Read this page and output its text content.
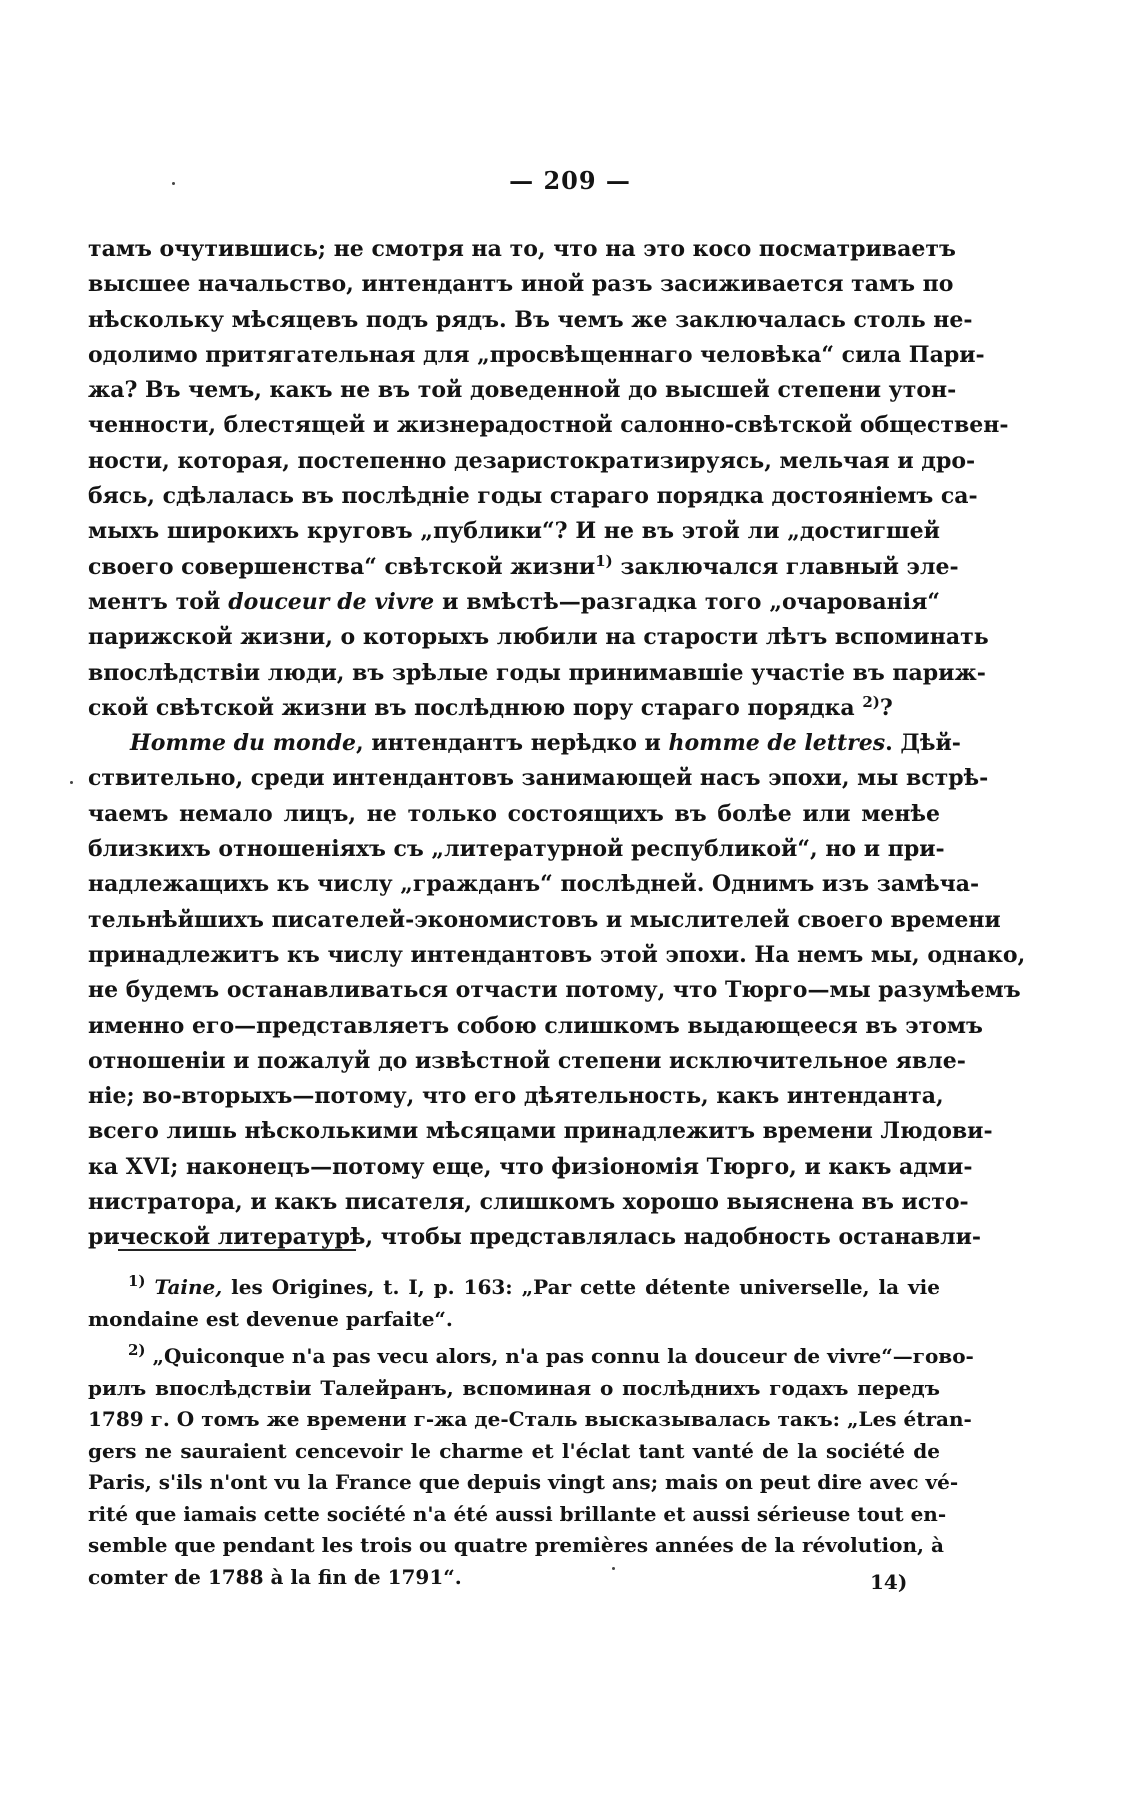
— 209 —

тамъ очутившись; не смотря на то, что на это косо посматриваетъ
высшее начальство, интендантъ иной разъ засиживается тамъ по
нѣскольку мѣсяцевъ подъ рядъ. Въ чемъ же заключалась столь не-
одолимо притягательная для „просвѣщеннаго человѣка“ сила Пари-
жа? Въ чемъ, какъ не въ той доведенной до высшей степени утон-
ченности, блестящей и жизнерадостной салонно-свѣтской обществен-
ности, которая, постепенно дезаристократизируясь, мельчая и дро-
бясь, сдѣлалась въ послѣдніе годы стараго порядка достояніемъ са-
мыхъ широкихъ круговъ „публики“? И не въ этой ли „достигшей
своего совершенства“ свѣтской жизни$^{1)}$ заключался главный эле-
ментъ той douceur de vivre и вмѣстѣ—разгадка того „очарованія“
парижской жизни, о которыхъ любили на старости лѣтъ вспоминать
впослѣдствіи люди, въ зрѣлые годы принимавшіе участіе въ париж-
ской свѣтской жизни въ послѣднюю пору стараго порядка $^{2)}$?

Homme du monde, интендантъ нерѣдко и homme de lettres. Дѣй-

ствительно, среди интендантовъ занимающей насъ эпохи, мы встрѣ-
чаемъ немало лицъ, не только состоящихъ въ болѣе или менѣе
близкихъ отношеніяхъ съ „литературной республикой“, но и при-
надлежащихъ къ числу „гражданъ“ послѣдней. Однимъ изъ замѣча-
тельнѣйшихъ писателей-экономистовъ и мыслителей своего времени
принадлежитъ къ числу интендантовъ этой эпохи. На немъ мы, однако,
не будемъ останавливаться отчасти потому, что Тюрго—мы разумѣемъ
именно его—представляетъ собою слишкомъ выдающееся въ этомъ
отношеніи и пожалуй до извѣстной степени исключительное явле-
ніе; во-вторыхъ—потому, что его дѣятельность, какъ интенданта,
всего лишь нѣсколькими мѣсяцами принадлежитъ времени Людови-
ка XVI; наконецъ—потому еще, что физіономія Тюрго, и какъ адми-
нистратора, и какъ писателя, слишкомъ хорошо выяснена въ исто-
рической литературѣ, чтобы представлялась надобность останавли-

$^{1)}$ Taine, les Origines, t. I, p. 163: „Par cette détente universelle, la vie
mondaine est devenue parfaite“.
$^{2)}$ „Quiconque n'a pas vecu alors, n'a pas connu la douceur de vivre“—гово-
рилъ впослѣдствіи Талейранъ, вспоминая о послѣднихъ годахъ передъ
1789 г. О томъ же времени г-жа де-Сталь высказывалась такъ: „Les étran-
gers ne sauraient cencevoir le charme et l'éclat tant vanté de la société de
Paris, s'ils n'ont vu la France que depuis vingt ans; mais on peut dire avec vé-
rité que iamais cette société n'a été aussi brillante et aussi sérieuse tout en-
semble que pendant les trois ou quatre premières années de la révolution, à
comter de 1788 à la fin de 1791“.	14)
